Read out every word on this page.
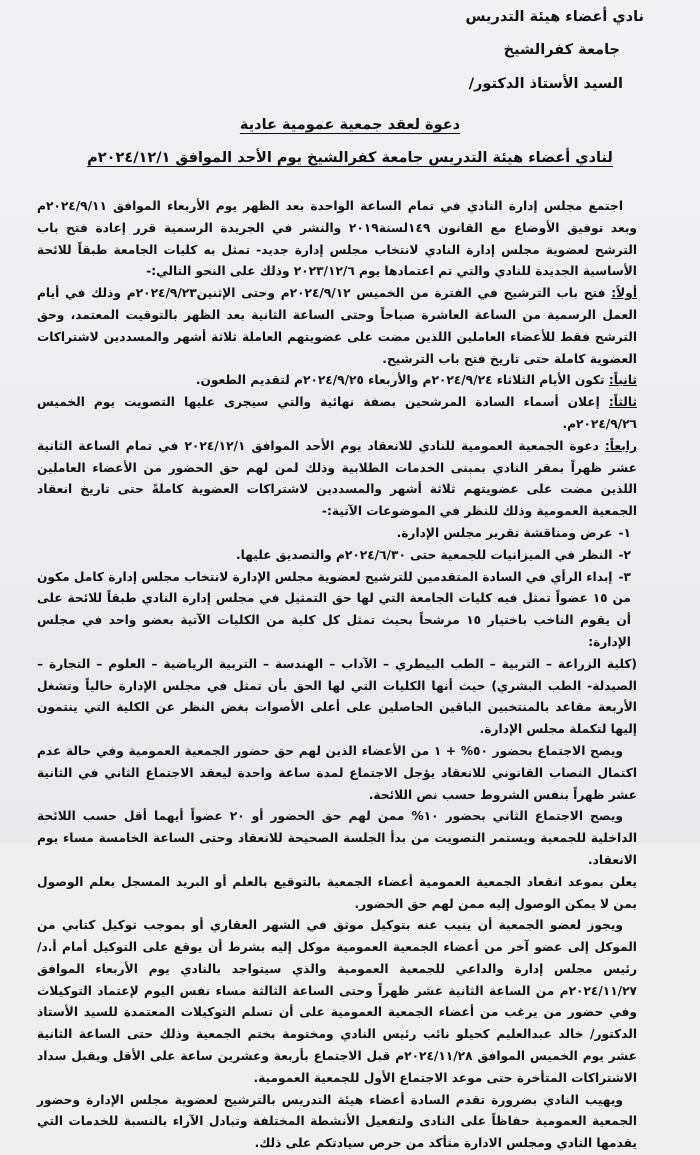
نادي أعضاء هيئة التدريس
جامعة كفرالشيخ
السيد الأستاذ الدكتور/
دعوة لعقد جمعية عمومية عادية
لنادي أعضاء هيئة التدريس جامعة كفرالشيخ يوم الأحد الموافق ٢٠٢٤/١٢/١م

اجتمع مجلس إدارة النادي في تمام الساعة الواحدة بعد الظهر يوم الأربعاء الموافق ٢٠٢٤/٩/١١م وبعد توفيق الأوضاع مع القانون ١٤٩لسنة٢٠١٩ والنشر في الجريدة الرسمية قرر إعادة فتح باب الترشح لعضوية مجلس إدارة النادي لانتخاب مجلس إدارة جديد- تمثل به كليات الجامعة طبقاً للائحة الأساسية الجديدة للنادي والتي تم اعتمادها يوم ٢٠٢٣/١٢/٦ وذلك على النحو التالي:-

أولاً: فتح باب الترشيح في الفترة من الخميس ٢٠٢٤/٩/١٢م وحتى الإثنين٢٠٢٤/٩/٢٣م وذلك في أيام العمل الرسمية من الساعة العاشرة صباحاً وحتى الساعة الثانية بعد الظهر بالتوقيت المعتمد، وحق الترشح فقط للأعضاء العاملين اللذين مضت على عضويتهم العاملة ثلاثة أشهر والمسددين لاشتراكات العضوية كاملة حتى تاريخ فتح باب الترشيح.

ثانياً: تكون الأيام الثلاثاء ٢٠٢٤/٩/٢٤م والأربعاء ٢٠٢٤/٩/٢٥م لتقديم الطعون.

ثالثاً: إعلان أسماء السادة المرشحين بصفة نهائية والتي سيجرى عليها التصويت يوم الخميس ٢٠٢٤/٩/٢٦م.

رابعاً: دعوة الجمعية العمومية للنادي للانعقاد يوم الأحد الموافق ٢٠٢٤/١٢/١ في تمام الساعة الثانية عشر ظهراً بمقر النادي بمبنى الخدمات الطلابية وذلك لمن لهم حق الحضور من الأعضاء العاملين اللذين مضت على عضويتهم ثلاثة أشهر والمسددين لاشتراكات العضوية كاملةً حتى تاريخ انعقاد الجمعية العمومية وذلك للنظر في الموضوعات الآتية:-

١-عرض ومناقشة تقرير مجلس الإدارة.
٢-النظر في الميزانيات للجمعية حتى ٢٠٢٤/٦/٣٠م والتصديق عليها.
٣-إبداء الرأي في السادة المتقدمين للترشيح لعضوية مجلس الإدارة لانتخاب مجلس إدارة كامل مكون من ١٥ عضواً تمثل فيه كليات الجامعة التي لها حق التمثيل في مجلس إدارة النادي طبقاً للائحة على أن يقوم الناخب باختيار ١٥ مرشحاً بحيث تمثل كل كلية من الكليات الآتية بعضو واحد في مجلس الإدارة:

(كلية الزراعة – التربية – الطب البيطري – الآداب – الهندسة – التربية الرياضية – العلوم – التجارة – الصيدلة- الطب البشري) حيث أنها الكليات التي لها الحق بأن تمثل في مجلس الإدارة حالياً وتشغل الأربعة مقاعد بالمنتخبين الباقين الحاصلين على أعلى الأصوات بغض النظر عن الكلية التي ينتمون إليها لتكملة مجلس الإدارة.

ويصح الاجتماع بحضور ٥٠% + ١ من الأعضاء الذين لهم حق حضور الجمعية العمومية وفي حالة عدم اكتمال النصاب القانوني للانعقاد يؤجل الاجتماع لمدة ساعة واحدة ليعقد الاجتماع الثاني في الثانية عشر ظهراً بنفس الشروط حسب نص اللائحة.

ويصح الاجتماع الثاني بحضور ١٠% ممن لهم حق الحضور أو ٢٠ عضواً أيهما أقل حسب اللائحة الداخلية للجمعية ويستمر التصويت من بدأ الجلسة الصحيحة للانعقاد وحتى الساعة الخامسة مساء يوم الانعقاد.

يعلن بموعد انقعاد الجمعية العمومية أعضاء الجمعية بالتوقيع بالعلم أو البريد المسجل بعلم الوصول بمن لا يمكن الوصول إليه ممن لهم حق الحضور.

ويجوز لعضو الجمعية أن ينيب عنه بتوكيل موثق في الشهر العقاري أو بموجب توكيل كتابي من الموكل إلى عضو آخر من أعضاء الجمعية العمومية موكل إليه بشرط أن يوقع على التوكيل أمام أ.د/ رئيس مجلس إدارة والداعي للجمعية العمومية والذي سيتواجد بالنادي يوم الأربعاء الموافق ٢٠٢٤/١١/٢٧م من الساعة الثانية عشر ظهراً وحتى الساعة الثالثة مساء نفس اليوم لإعتماد التوكيلات وفي حضور من يرغب من أعضاء الجمعية العمومية على أن تسلم التوكيلات المعتمدة للسيد الأستاذ الدكتور/ خالد عبدالعليم كحيلو نائب رئيس النادي ومختومة بختم الجمعية وذلك حتى الساعة الثانية عشر يوم الخميس الموافق ٢٠٢٤/١١/٢٨م قبل الاجتماع بأربعة وعشرين ساعة على الأقل ويقبل سداد الاشتراكات المتأخرة حتى موعد الاجتماع الأول للجمعية العمومية.

ويهيب النادي بضرورة تقدم السادة أعضاء هيئة التدريس بالترشيح لعضوية مجلس الإدارة وحضور الجمعية العمومية حفاظاً على النادى ولتفعيل الأنشطة المختلفة وتبادل الآراء بالنسبة للخدمات التي يقدمها النادي ومجلس الادارة متأكد من حرص سيادتكم على ذلك.
